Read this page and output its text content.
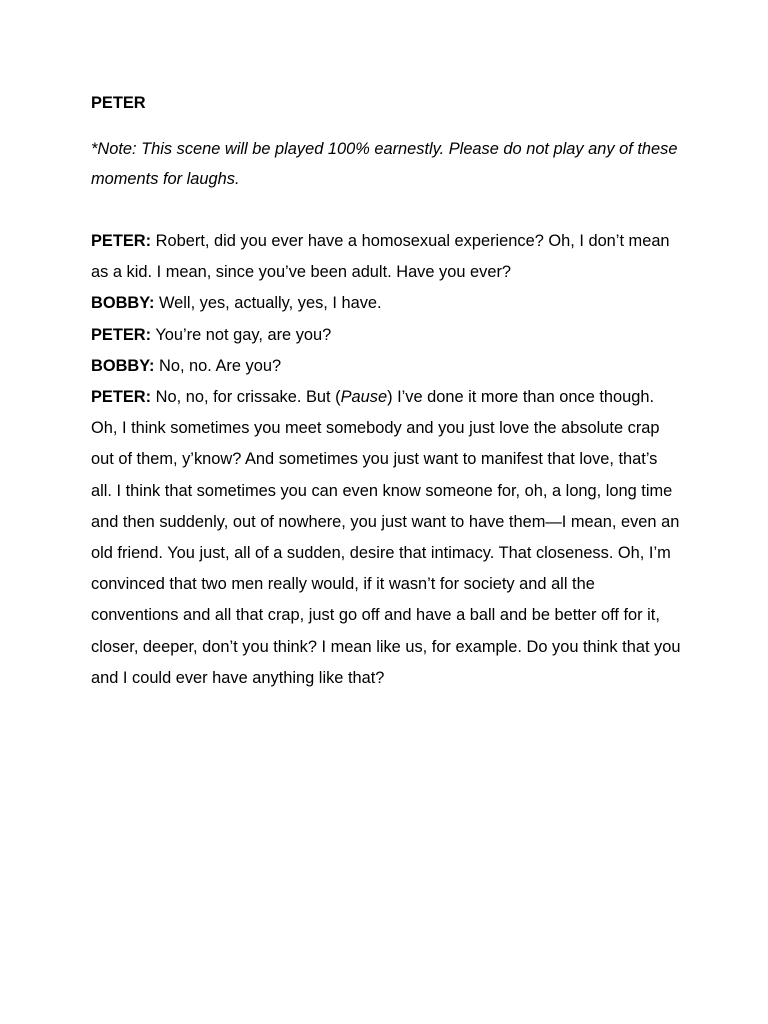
PETER

*Note: This scene will be played 100% earnestly. Please do not play any of these moments for laughs.

PETER: Robert, did you ever have a homosexual experience? Oh, I don’t mean as a kid. I mean, since you’ve been adult. Have you ever?

BOBBY: Well, yes, actually, yes, I have.

PETER: You’re not gay, are you?

BOBBY: No, no. Are you?

PETER: No, no, for crissake. But (Pause) I’ve done it more than once though. Oh, I think sometimes you meet somebody and you just love the absolute crap out of them, y’know? And sometimes you just want to manifest that love, that’s all. I think that sometimes you can even know someone for, oh, a long, long time and then suddenly, out of nowhere, you just want to have them—I mean, even an old friend. You just, all of a sudden, desire that intimacy. That closeness. Oh, I’m convinced that two men really would, if it wasn’t for society and all the conventions and all that crap, just go off and have a ball and be better off for it, closer, deeper, don’t you think? I mean like us, for example. Do you think that you and I could ever have anything like that?
